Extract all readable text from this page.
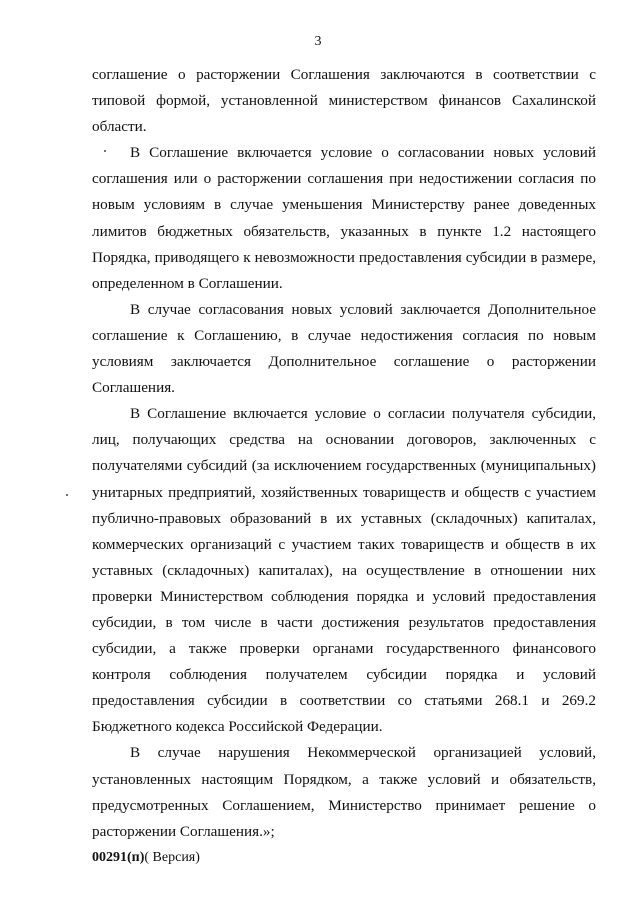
3

соглашение о расторжении Соглашения заключаются в соответствии с типовой формой, установленной министерством финансов Сахалинской области.

В Соглашение включается условие о согласовании новых условий соглашения или о расторжении соглашения при недостижении согласия по новым условиям в случае уменьшения Министерству ранее доведенных лимитов бюджетных обязательств, указанных в пункте 1.2 настоящего Порядка, приводящего к невозможности предоставления субсидии в размере, определенном в Соглашении.

В случае согласования новых условий заключается Дополнительное соглашение к Соглашению, в случае недостижения согласия по новым условиям заключается Дополнительное соглашение о расторжении Соглашения.

В Соглашение включается условие о согласии получателя субсидии, лиц, получающих средства на основании договоров, заключенных с получателями субсидий (за исключением государственных (муниципальных) унитарных предприятий, хозяйственных товариществ и обществ с участием публично-правовых образований в их уставных (складочных) капиталах, коммерческих организаций с участием таких товариществ и обществ в их уставных (складочных) капиталах), на осуществление в отношении них проверки Министерством соблюдения порядка и условий предоставления субсидии, в том числе в части достижения результатов предоставления субсидии, а также проверки органами государственного финансового контроля соблюдения получателем субсидии порядка и условий предоставления субсидии в соответствии со статьями 268.1 и 269.2 Бюджетного кодекса Российской Федерации.

В случае нарушения Некоммерческой организацией условий, установленных настоящим Порядком, а также условий и обязательств, предусмотренных Соглашением, Министерство принимает решение о расторжении Соглашения.»;

00291(п)( Версия)
